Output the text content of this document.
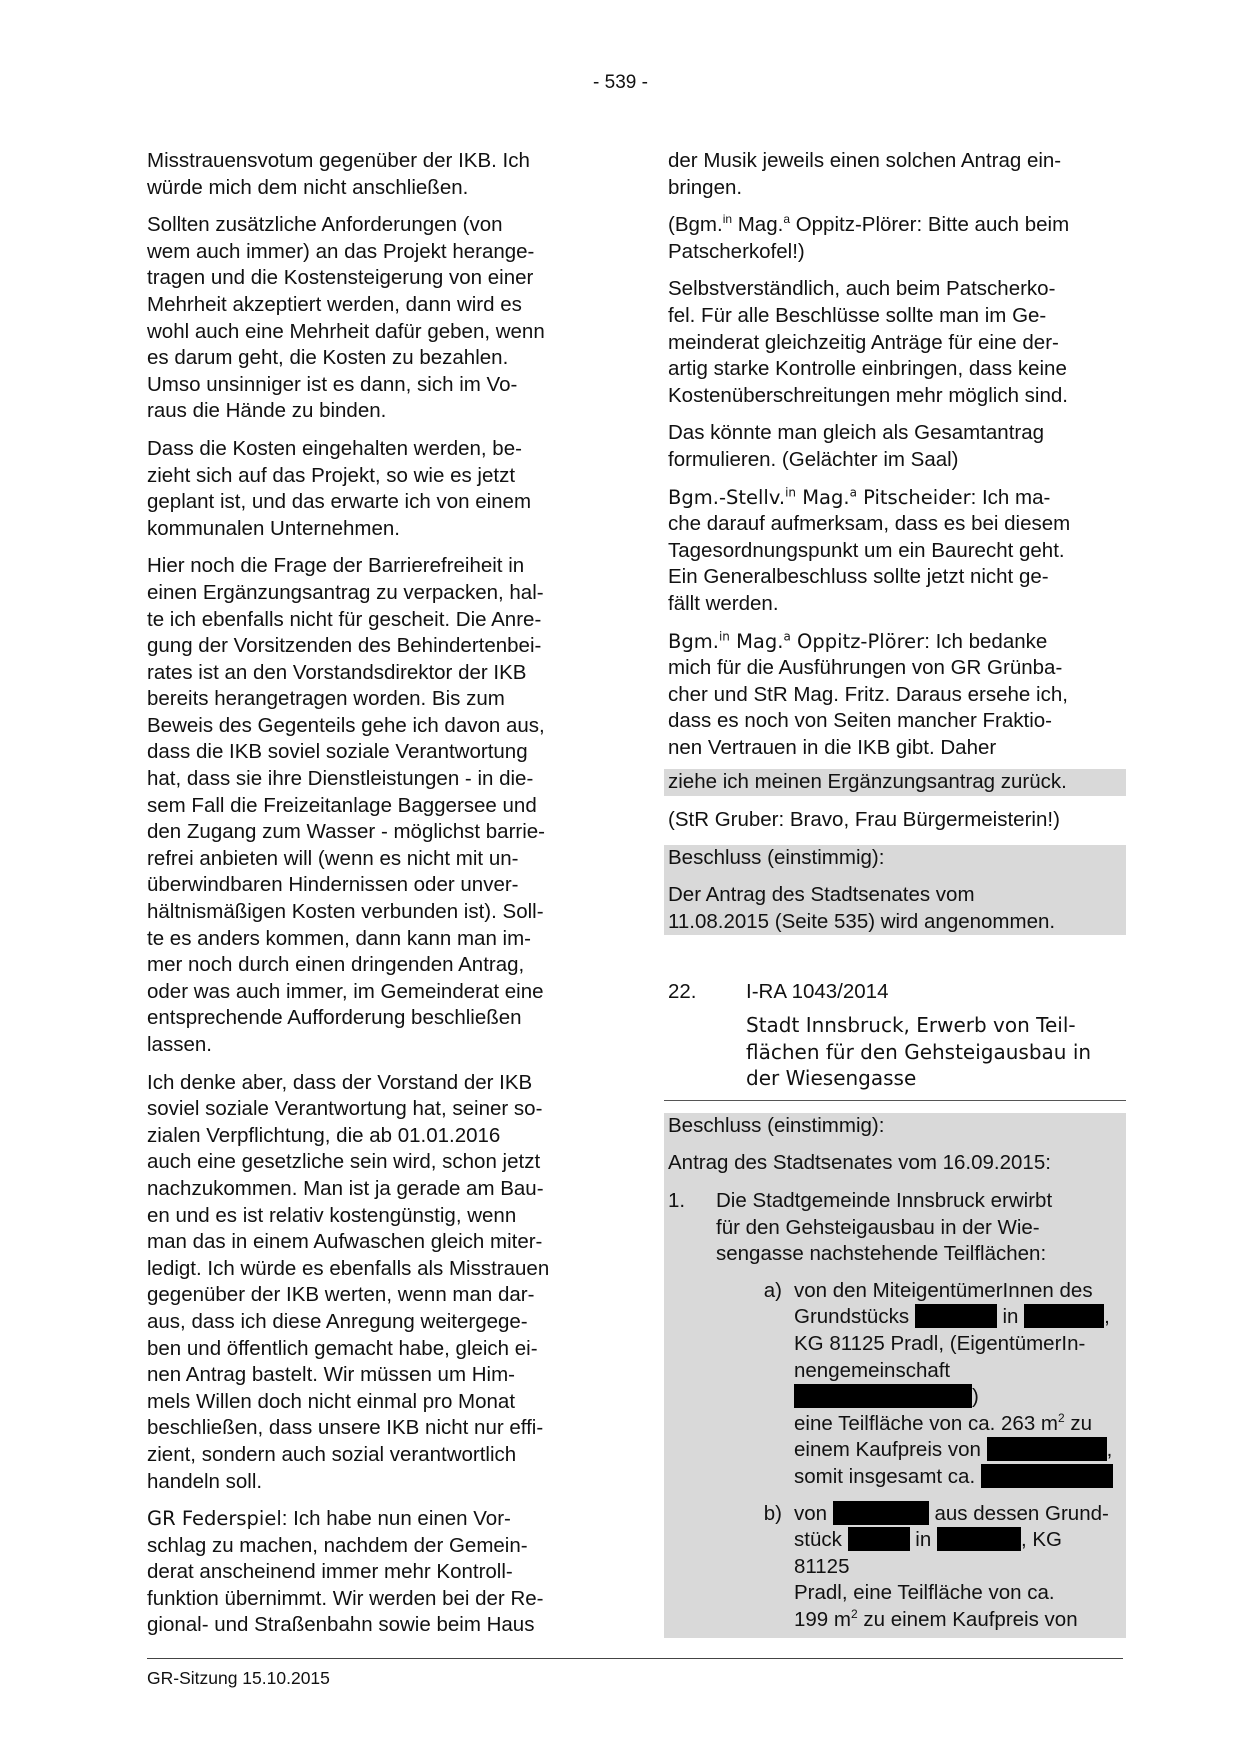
- 539 -

Misstrauensvotum gegenüber der IKB. Ich
würde mich dem nicht anschließen.

Sollten zusätzliche Anforderungen (von
wem auch immer) an das Projekt herange-
tragen und die Kostensteigerung von einer
Mehrheit akzeptiert werden, dann wird es
wohl auch eine Mehrheit dafür geben, wenn
es darum geht, die Kosten zu bezahlen.
Umso unsinniger ist es dann, sich im Vo-
raus die Hände zu binden.

Dass die Kosten eingehalten werden, be-
zieht sich auf das Projekt, so wie es jetzt
geplant ist, und das erwarte ich von einem
kommunalen Unternehmen.

Hier noch die Frage der Barrierefreiheit in
einen Ergänzungsantrag zu verpacken, hal-
te ich ebenfalls nicht für gescheit. Die Anre-
gung der Vorsitzenden des Behindertenbei-
rates ist an den Vorstandsdirektor der IKB
bereits herangetragen worden. Bis zum
Beweis des Gegenteils gehe ich davon aus,
dass die IKB soviel soziale Verantwortung
hat, dass sie ihre Dienstleistungen - in die-
sem Fall die Freizeitanlage Baggersee und
den Zugang zum Wasser - möglichst barrie-
refrei anbieten will (wenn es nicht mit un-
überwindbaren Hindernissen oder unver-
hältnismäßigen Kosten verbunden ist). Soll-
te es anders kommen, dann kann man im-
mer noch durch einen dringenden Antrag,
oder was auch immer, im Gemeinderat eine
entsprechende Aufforderung beschließen
lassen.

Ich denke aber, dass der Vorstand der IKB
soviel soziale Verantwortung hat, seiner so-
zialen Verpflichtung, die ab 01.01.2016
auch eine gesetzliche sein wird, schon jetzt
nachzukommen. Man ist ja gerade am Bau-
en und es ist relativ kostengünstig, wenn
man das in einem Aufwaschen gleich miter-
ledigt. Ich würde es ebenfalls als Misstrauen
gegenüber der IKB werten, wenn man dar-
aus, dass ich diese Anregung weitergege-
ben und öffentlich gemacht habe, gleich ei-
nen Antrag bastelt. Wir müssen um Him-
mels Willen doch nicht einmal pro Monat
beschließen, dass unsere IKB nicht nur effi-
zient, sondern auch sozial verantwortlich
handeln soll.

GR Federspiel: Ich habe nun einen Vor-
schlag zu machen, nachdem der Gemein-
derat anscheinend immer mehr Kontroll-
funktion übernimmt. Wir werden bei der Re-
gional- und Straßenbahn sowie beim Haus

der Musik jeweils einen solchen Antrag ein-
bringen.

(Bgm.$^{in}$ Mag.$^a$ Oppitz-Plörer: Bitte auch beim
Patscherkofel!)

Selbstverständlich, auch beim Patscherko-
fel. Für alle Beschlüsse sollte man im Ge-
meinderat gleichzeitig Anträge für eine der-
artig starke Kontrolle einbringen, dass keine
Kostenüberschreitungen mehr möglich sind.

Das könnte man gleich als Gesamtantrag
formulieren. (Gelächter im Saal)

Bgm.-Stellv.$^{in}$ Mag.$^a$ Pitscheider: Ich ma-
che darauf aufmerksam, dass es bei diesem
Tagesordnungspunkt um ein Baurecht geht.
Ein Generalbeschluss sollte jetzt nicht ge-
fällt werden.

Bgm.$^{in}$ Mag.$^a$ Oppitz-Plörer: Ich bedanke
mich für die Ausführungen von GR Grünba-
cher und StR Mag. Fritz. Daraus ersehe ich,
dass es noch von Seiten mancher Fraktio-
nen Vertrauen in die IKB gibt. Daher

ziehe ich meinen Ergänzungsantrag zurück.

(StR Gruber: Bravo, Frau Bürgermeisterin!)

Beschluss (einstimmig):

Der Antrag des Stadtsenates vom
11.08.2015 (Seite 535) wird angenommen.

22.	I-RA 1043/2014
Stadt Innsbruck, Erwerb von Teil-
flächen für den Gehsteigausbau in
der Wiesengasse

Beschluss (einstimmig):

Antrag des Stadtsenates vom 16.09.2015:

1.	Die Stadtgemeinde Innsbruck erwirbt
für den Gehsteigausbau in der Wie-
sengasse nachstehende Teilflächen:
a) von den MiteigentümerInnen des
Grundstücks	in	,
KG 81125 Pradl, (EigentümerIn-
nengemeinschaft )
eine Teilfläche von ca. 263 $m^2$ zu
einem Kaufpreis von	,
somit insgesamt ca.
b) von	aus dessen Grund-
stück	in	, KG 81125
Pradl, eine Teilfläche von ca.
199 $m^2$ zu einem Kaufpreis von
GR-Sitzung 15.10.2015
